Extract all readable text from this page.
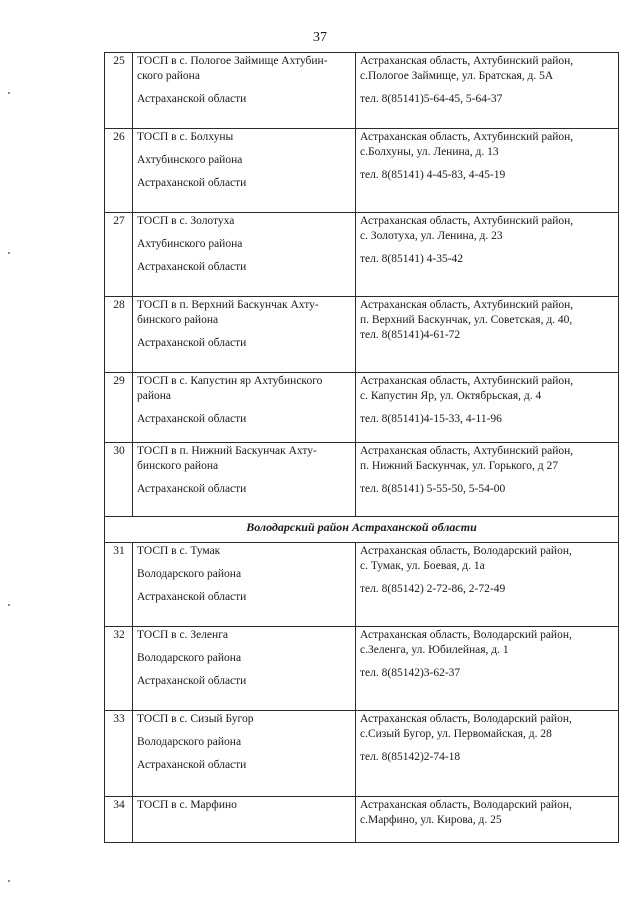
37
25	ТОСП в с. Пологое Займище Ахтубин-
ского района
Астраханской области	Астраханская область, Ахтубинский район,
с.Пологое Займище, ул. Братская, д. 5А
тел. 8(85141)5-64-45, 5-64-37

26	ТОСП в с. Болхуны
Ахтубинского района
Астраханской области	Астраханская область, Ахтубинский район,
с.Болхуны, ул. Ленина, д. 13
тел. 8(85141) 4-45-83, 4-45-19

27	ТОСП в с. Золотуха
Ахтубинского района
Астраханской области	Астраханская область, Ахтубинский район,
с. Золотуха, ул. Ленина, д. 23
тел. 8(85141) 4-35-42

28	ТОСП в п. Верхний Баскунчак Ахту-
бинского района
Астраханской области	Астраханская область, Ахтубинский район,
п. Верхний Баскунчак, ул. Советская, д. 40,
тел. 8(85141)4-61-72

29	ТОСП в с. Капустин яр Ахтубинского
района
Астраханской области	Астраханская область, Ахтубинский район,
с. Капустин Яр, ул. Октябрьская, д. 4
тел. 8(85141)4-15-33, 4-11-96

30	ТОСП в п. Нижний Баскунчак Ахту-
бинского района
Астраханской области	Астраханская область, Ахтубинский район,
п. Нижний Баскунчак, ул. Горького, д 27
тел. 8(85141) 5-55-50, 5-54-00

Володарский район Астраханской области		
31	ТОСП в с. Тумак
Володарского района
Астраханской области	Астраханская область, Володарский район,
с. Тумак, ул. Боевая, д. 1а
тел. 8(85142) 2-72-86, 2-72-49

32	ТОСП в с. Зеленга
Володарского района
Астраханской области	Астраханская область, Володарский район,
с.Зеленга, ул. Юбилейная, д. 1
тел. 8(85142)3-62-37

33	ТОСП в с. Сизый Бугор
Володарского района
Астраханской области	Астраханская область, Володарский район,
с.Сизый Бугор, ул. Первомайская, д. 28
тел. 8(85142)2-74-18

34	ТОСП в с. Марфино	Астраханская область, Володарский район,
с.Марфино, ул. Кирова, д. 25
